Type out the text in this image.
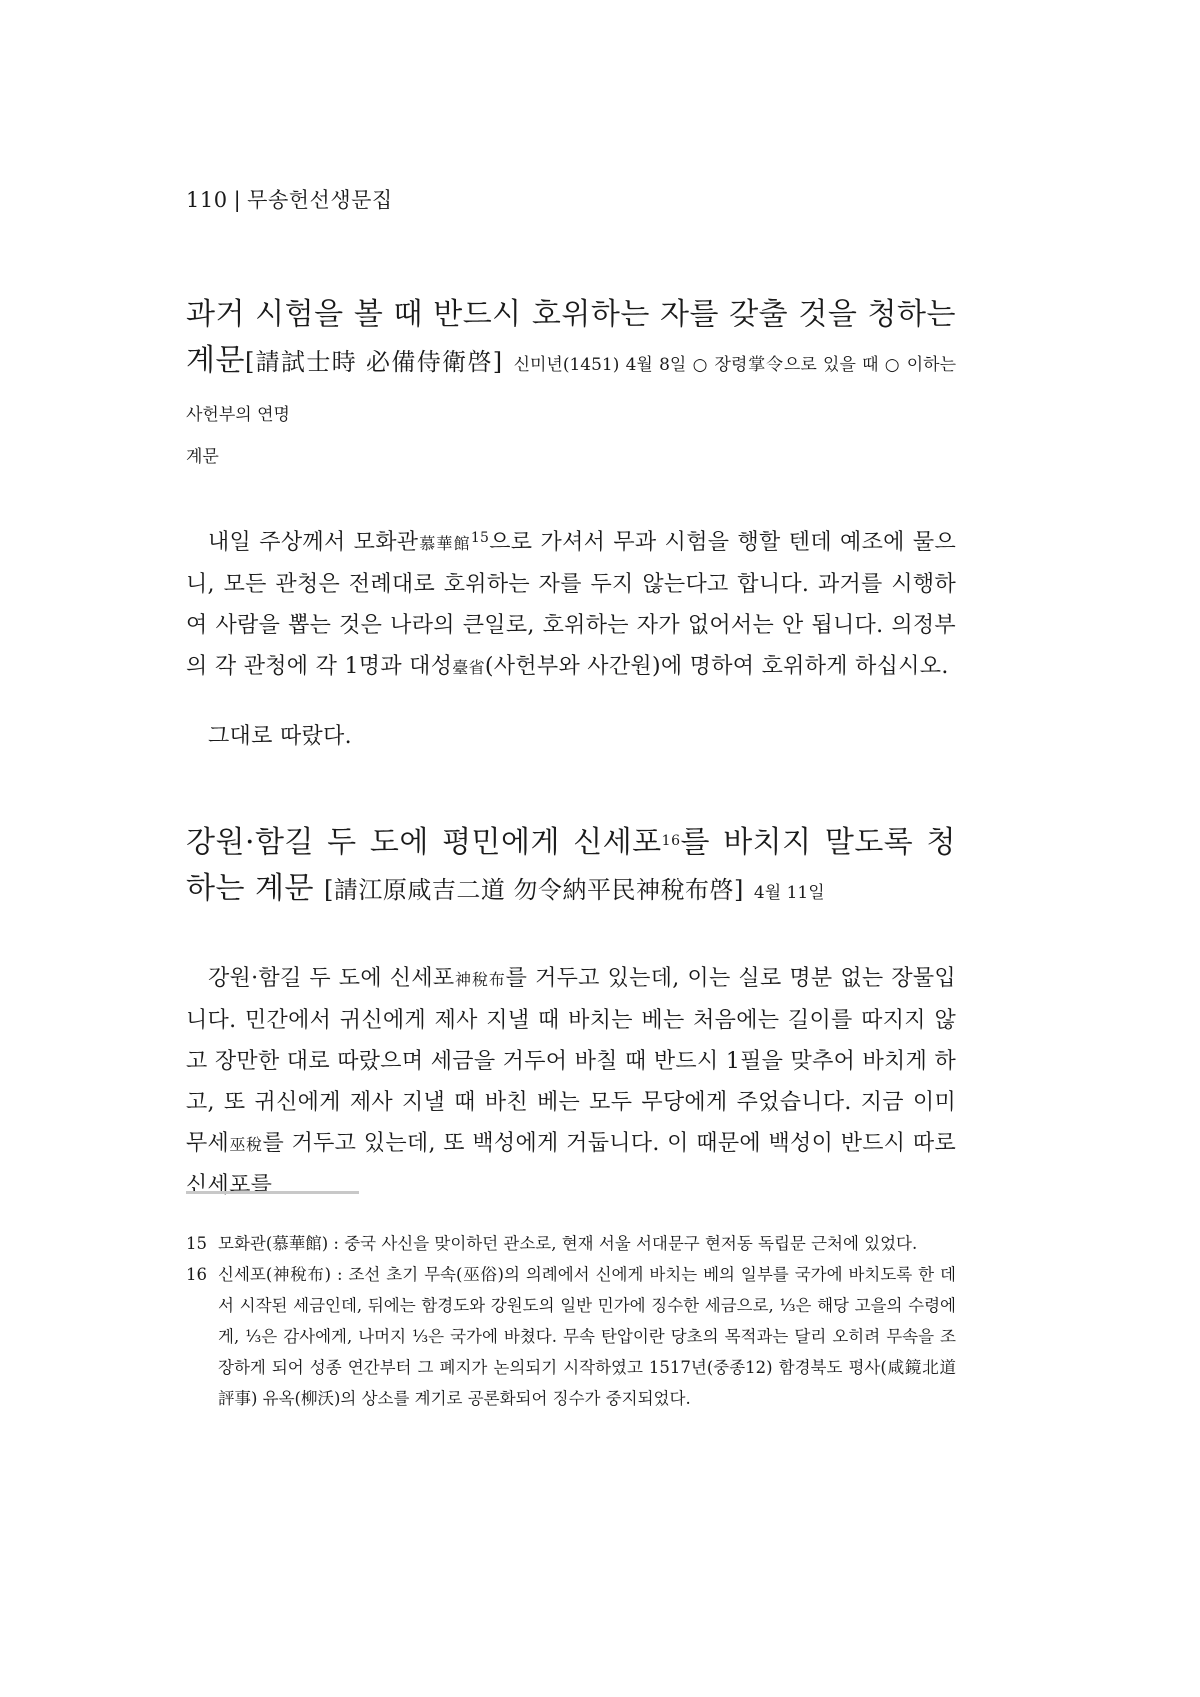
110 | 무송헌선생문집
과거 시험을 볼 때 반드시 호위하는 자를 갖출 것을 청하는 계문[請試士時 必備侍衛啓] 신미년(1451) 4월 8일 ○ 장령掌令으로 있을 때 ○ 이하는 사헌부의 연명
계문

내일 주상께서 모화관慕華館$^{15}$으로 가셔서 무과 시험을 행할 텐데 예조에 물으니, 모든 관청은 전례대로 호위하는 자를 두지 않는다고 합니다. 과거를 시행하여 사람을 뽑는 것은 나라의 큰일로, 호위하는 자가 없어서는 안 됩니다. 의정부의 각 관청에 각 1명과 대성臺省(사헌부와 사간원)에 명하여 호위하게 하십시오.

그대로 따랐다.

강원·함길 두 도에 평민에게 신세포$^{16}$를 바치지 말도록 청하는 계문 [請江原咸吉二道 勿令納平民神稅布啓] 4월 11일

강원·함길 두 도에 신세포神稅布를 거두고 있는데, 이는 실로 명분 없는 장물입니다. 민간에서 귀신에게 제사 지낼 때 바치는 베는 처음에는 길이를 따지지 않고 장만한 대로 따랐으며 세금을 거두어 바칠 때 반드시 1필을 맞추어 바치게 하고, 또 귀신에게 제사 지낼 때 바친 베는 모두 무당에게 주었습니다. 지금 이미 무세巫稅를 거두고 있는데, 또 백성에게 거둡니다. 이 때문에 백성이 반드시 따로 신세포를

15 모화관(慕華館) : 중국 사신을 맞이하던 관소로, 현재 서울 서대문구 현저동 독립문 근처에 있었다.
16 신세포(神稅布) : 조선 초기 무속(巫俗)의 의례에서 신에게 바치는 베의 일부를 국가에 바치도록 한 데서 시작된 세금인데, 뒤에는 함경도와 강원도의 일반 민가에 징수한 세금으로, ⅓은 해당 고을의 수령에게, ⅓은 감사에게, 나머지 ⅓은 국가에 바쳤다. 무속 탄압이란 당초의 목적과는 달리 오히려 무속을 조장하게 되어 성종 연간부터 그 폐지가 논의되기 시작하였고 1517년(중종12) 함경북도 평사(咸鏡北道評事) 유옥(柳沃)의 상소를 계기로 공론화되어 징수가 중지되었다.
